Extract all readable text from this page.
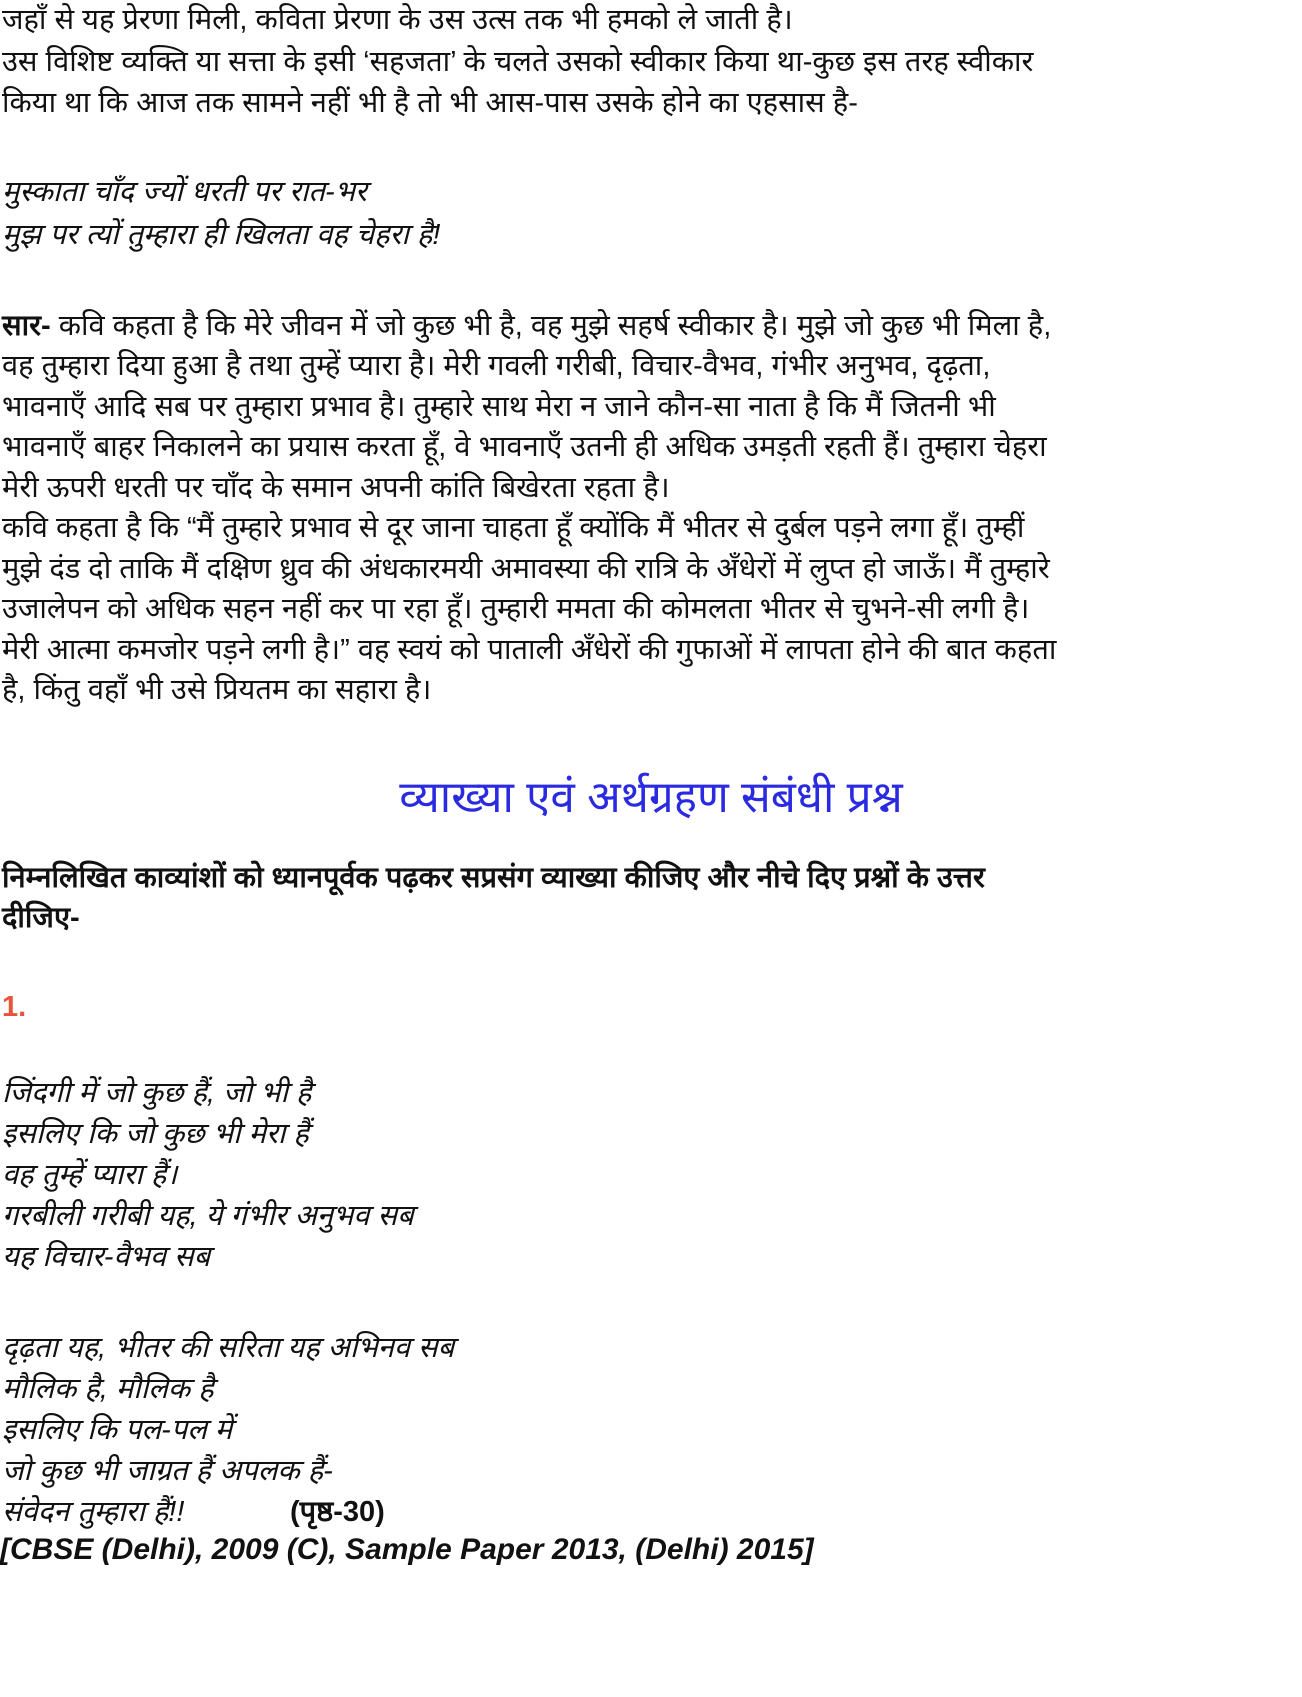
जहाँ से यह प्रेरणा मिली, कविता प्रेरणा के उस उत्स तक भी हमको ले जाती है।
उस विशिष्ट व्यक्ति या सत्ता के इसी ‘सहजता’ के चलते उसको स्वीकार किया था-कुछ इस तरह स्वीकार
किया था कि आज तक सामने नहीं भी है तो भी आस-पास उसके होने का एहसास है-
मुस्काता चाँद ज्यों धरती पर रात-भर
मुझ पर त्यों तुम्हारा ही खिलता वह चेहरा है!
सार- कवि कहता है कि मेरे जीवन में जो कुछ भी है, वह मुझे सहर्ष स्वीकार है। मुझे जो कुछ भी मिला है,
वह तुम्हारा दिया हुआ है तथा तुम्हें प्यारा है। मेरी गवली गरीबी, विचार-वैभव, गंभीर अनुभव, दृढ़ता,
भावनाएँ आदि सब पर तुम्हारा प्रभाव है। तुम्हारे साथ मेरा न जाने कौन-सा नाता है कि मैं जितनी भी
भावनाएँ बाहर निकालने का प्रयास करता हूँ, वे भावनाएँ उतनी ही अधिक उमड़ती रहती हैं। तुम्हारा चेहरा
मेरी ऊपरी धरती पर चाँद के समान अपनी कांति बिखेरता रहता है।
कवि कहता है कि “मैं तुम्हारे प्रभाव से दूर जाना चाहता हूँ क्योंकि मैं भीतर से दुर्बल पड़ने लगा हूँ। तुम्हीं
मुझे दंड दो ताकि मैं दक्षिण ध्रुव की अंधकारमयी अमावस्या की रात्रि के अँधेरों में लुप्त हो जाऊँ। मैं तुम्हारे
उजालेपन को अधिक सहन नहीं कर पा रहा हूँ। तुम्हारी ममता की कोमलता भीतर से चुभने-सी लगी है।
मेरी आत्मा कमजोर पड़ने लगी है।” वह स्वयं को पाताली अँधेरों की गुफाओं में लापता होने की बात कहता
है, किंतु वहाँ भी उसे प्रियतम का सहारा है।
व्याख्या एवं अर्थग्रहण संबंधी प्रश्न
निम्नलिखित काव्यांशों को ध्यानपूर्वक पढ़कर सप्रसंग व्याख्या कीजिए और नीचे दिए प्रश्नों के उत्तर
दीजिए-
1.
जिंदगी में जो कुछ हैं, जो भी है
इसलिए कि जो कुछ भी मेरा हैं
वह तुम्हें प्यारा हैं।
गरबीली गरीबी यह, ये गंभीर अनुभव सब
यह विचार-वैभव सब
दृढ़ता यह, भीतर की सरिता यह अभिनव सब
मौलिक है, मौलिक है
इसलिए कि पल-पल में
जो कुछ भी जाग्रत हैं अपलक हैं-
संवेदन तुम्हारा हैं!!	(पृष्ठ-30)
[CBSE (Delhi), 2009 (C), Sample Paper 2013, (Delhi) 2015]
